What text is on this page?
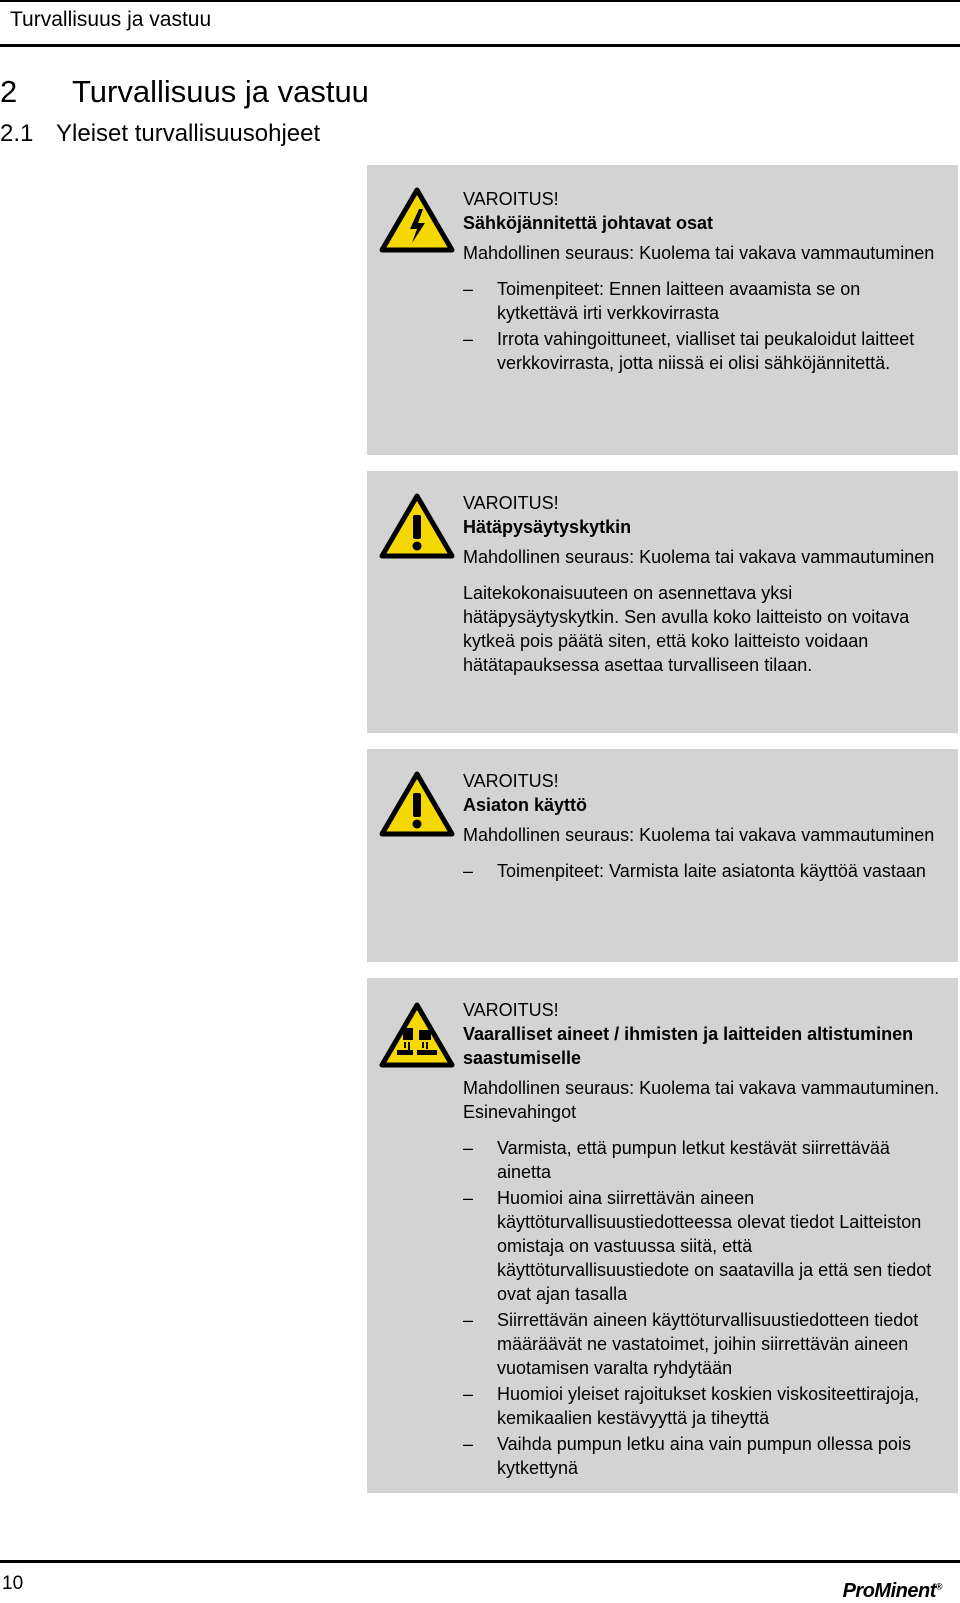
Turvallisuus ja vastuu
2 Turvallisuus ja vastuu
2.1 Yleiset turvallisuusohjeet

VAROITUS!

Sähköjännitettä johtavat osat

Mahdollinen seuraus: Kuolema tai vakava vammautuminen

– Toimenpiteet: Ennen laitteen avaamista se on kytkettävä irti verkkovirrasta
– Irrota vahingoittuneet, vialliset tai peukaloidut laitteet verkkovirrasta, jotta niissä ei olisi sähköjännitettä.

VAROITUS!

Hätäpysäytyskytkin

Mahdollinen seuraus: Kuolema tai vakava vammautuminen

Laitekokonaisuuteen on asennettava yksi hätäpysäytyskytkin. Sen avulla koko laitteisto on voitava kytkeä pois päätä siten, että koko laitteisto voidaan hätätapauksessa asettaa turvalliseen tilaan.

VAROITUS!

Asiaton käyttö

Mahdollinen seuraus: Kuolema tai vakava vammautuminen

– Toimenpiteet: Varmista laite asiatonta käyttöä vastaan

VAROITUS!

Vaaralliset aineet / ihmisten ja laitteiden altistuminen saastumiselle

Mahdollinen seuraus: Kuolema tai vakava vammautuminen. Esinevahingot

– Varmista, että pumpun letkut kestävät siirrettävää ainetta
– Huomioi aina siirrettävän aineen käyttöturvallisuustiedotteessa olevat tiedot Laitteiston omistaja on vastuussa siitä, että käyttöturvallisuustiedote on saatavilla ja että sen tiedot ovat ajan tasalla
– Siirrettävän aineen käyttöturvallisuustiedotteen tiedot määräävät ne vastatoimet, joihin siirrettävän aineen vuotamisen varalta ryhdytään
– Huomioi yleiset rajoitukset koskien viskositeettirajoja, kemikaalien kestävyyttä ja tiheyttä
– Vaihda pumpun letku aina vain pumpun ollessa pois kytkettynä
10	ProMinent®
